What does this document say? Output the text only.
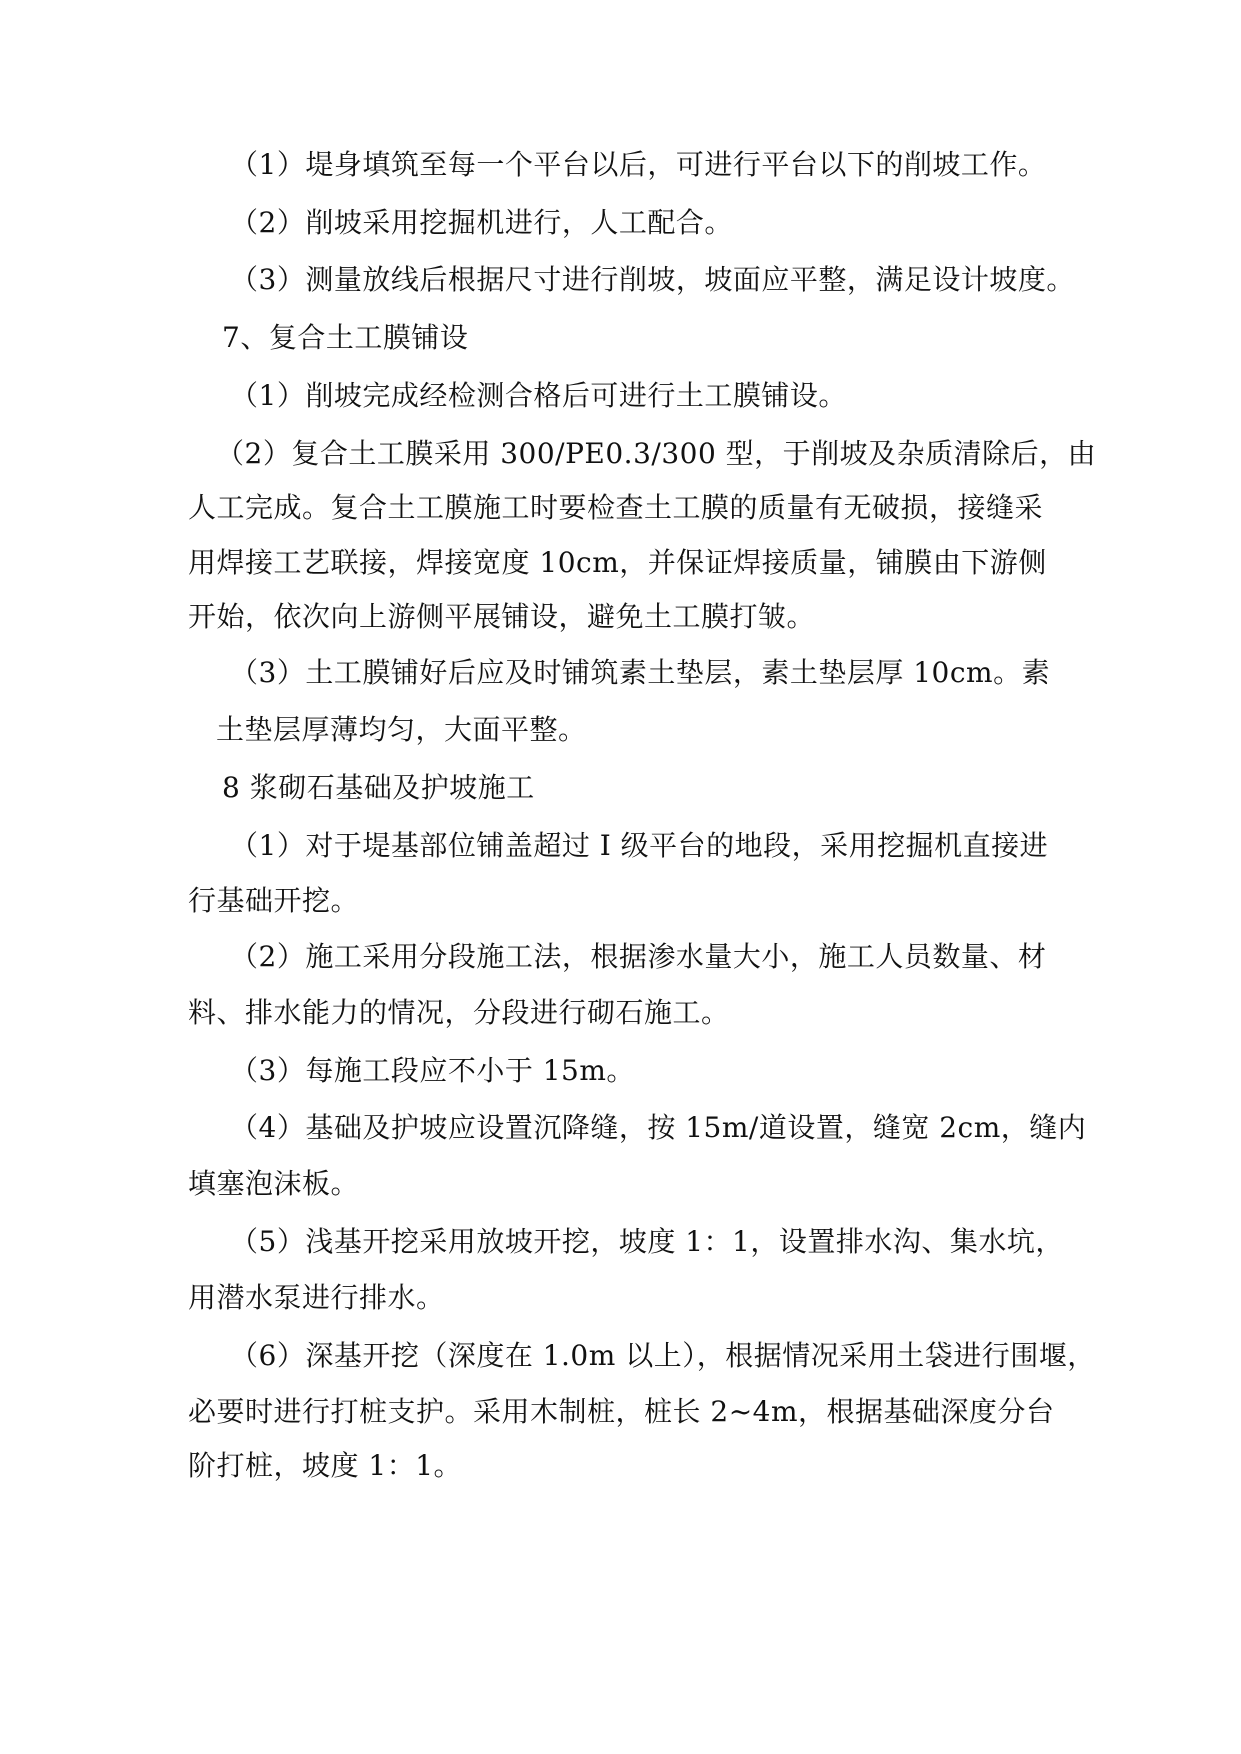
（1）堤身填筑至每一个平台以后，可进行平台以下的削坡工作。
（2）削坡采用挖掘机进行，人工配合。
（3）测量放线后根据尺寸进行削坡，坡面应平整，满足设计坡度。
7、复合土工膜铺设
（1）削坡完成经检测合格后可进行土工膜铺设。
（2）复合土工膜采用 300/PE0.3/300 型，于削坡及杂质清除后，由
人工完成。复合土工膜施工时要检查土工膜的质量有无破损，接缝采
用焊接工艺联接，焊接宽度 10cm，并保证焊接质量，铺膜由下游侧
开始，依次向上游侧平展铺设，避免土工膜打皱。
（3）土工膜铺好后应及时铺筑素土垫层，素土垫层厚 10cm。素
土垫层厚薄均匀，大面平整。
8 浆砌石基础及护坡施工
（1）对于堤基部位铺盖超过 I 级平台的地段，采用挖掘机直接进
行基础开挖。
（2）施工采用分段施工法，根据渗水量大小，施工人员数量、材
料、排水能力的情况，分段进行砌石施工。
（3）每施工段应不小于 15m。
（4）基础及护坡应设置沉降缝，按 15m/道设置，缝宽 2cm，缝内
填塞泡沫板。
（5）浅基开挖采用放坡开挖，坡度 1：1，设置排水沟、集水坑，
用潜水泵进行排水。
（6）深基开挖（深度在 1.0m 以上），根据情况采用土袋进行围堰，
必要时进行打桩支护。采用木制桩，桩长 2~4m，根据基础深度分台
阶打桩，坡度 1：1。
